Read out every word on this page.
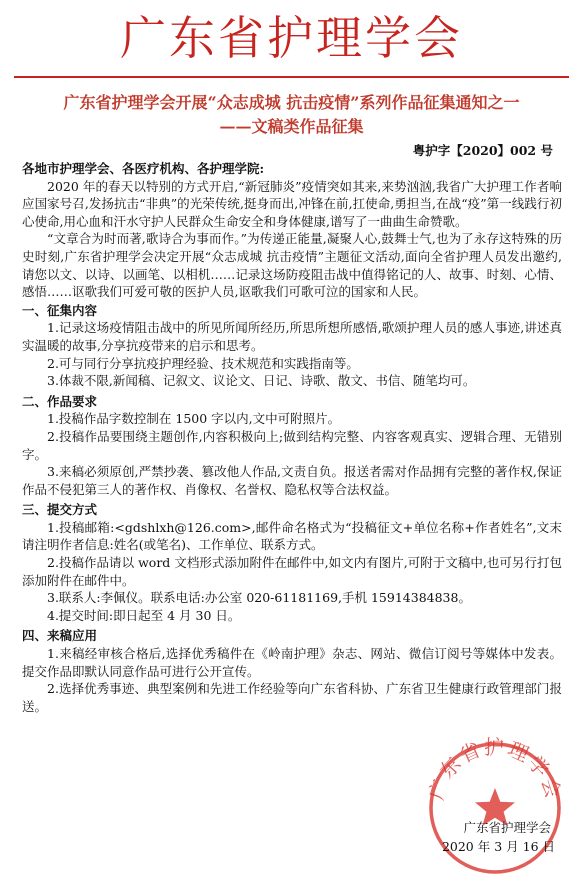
广东省护理学会
广东省护理学会开展“众志成城 抗击疫情”系列作品征集通知之一
——文稿类作品征集
粤护字【2020】002 号

各地市护理学会、各医疗机构、各护理学院:

2020 年的春天以特别的方式开启,“新冠肺炎”疫情突如其来,来势汹汹,我省广大护理工作者响应国家号召,发扬抗击“非典”的光荣传统,挺身而出,冲锋在前,扛使命,勇担当,在战“疫”第一线践行初心使命,用心血和汗水守护人民群众生命安全和身体健康,谱写了一曲曲生命赞歌。

“文章合为时而著,歌诗合为事而作。”为传递正能量,凝聚人心,鼓舞士气,也为了永存这特殊的历史时刻,广东省护理学会决定开展“众志成城 抗击疫情”主题征文活动,面向全省护理人员发出邀约,请您以文、以诗、以画笔、以相机……记录这场防疫阻击战中值得铭记的人、故事、时刻、心情、感悟……讴歌我们可爱可敬的医护人员,讴歌我们可歌可泣的国家和人民。

一、征集内容

1.记录这场疫情阻击战中的所见所闻所经历,所思所想所感悟,歌颂护理人员的感人事迹,讲述真实温暖的故事,分享抗疫带来的启示和思考。

2.可与同行分享抗疫护理经验、技术规范和实践指南等。

3.体裁不限,新闻稿、记叙文、议论文、日记、诗歌、散文、书信、随笔均可。

二、作品要求

1.投稿作品字数控制在 1500 字以内,文中可附照片。

2.投稿作品要围绕主题创作,内容积极向上;做到结构完整、内容客观真实、逻辑合理、无错别字。

3.来稿必须原创,严禁抄袭、篡改他人作品,文责自负。报送者需对作品拥有完整的著作权,保证作品不侵犯第三人的著作权、肖像权、名誉权、隐私权等合法权益。

三、提交方式

1.投稿邮箱:<gdshlxh@126.com>,邮件命名格式为“投稿征文+单位名称+作者姓名”,文末请注明作者信息:姓名(或笔名)、工作单位、联系方式。

2.投稿作品请以 word 文档形式添加附件在邮件中,如文内有图片,可附于文稿中,也可另行打包添加附件在邮件中。

3.联系人:李佩仪。联系电话:办公室 020-61181169,手机 15914384838。

4.提交时间:即日起至 4 月 30 日。

四、来稿应用

1.来稿经审核合格后,选择优秀稿件在《岭南护理》杂志、网站、微信订阅号等媒体中发表。提交作品即默认同意作品可进行公开宣传。

2.选择优秀事迹、典型案例和先进工作经验等向广东省科协、广东省卫生健康行政管理部门报送。

广东省护理学会
广东省护理学会
2020 年 3 月 16 日
